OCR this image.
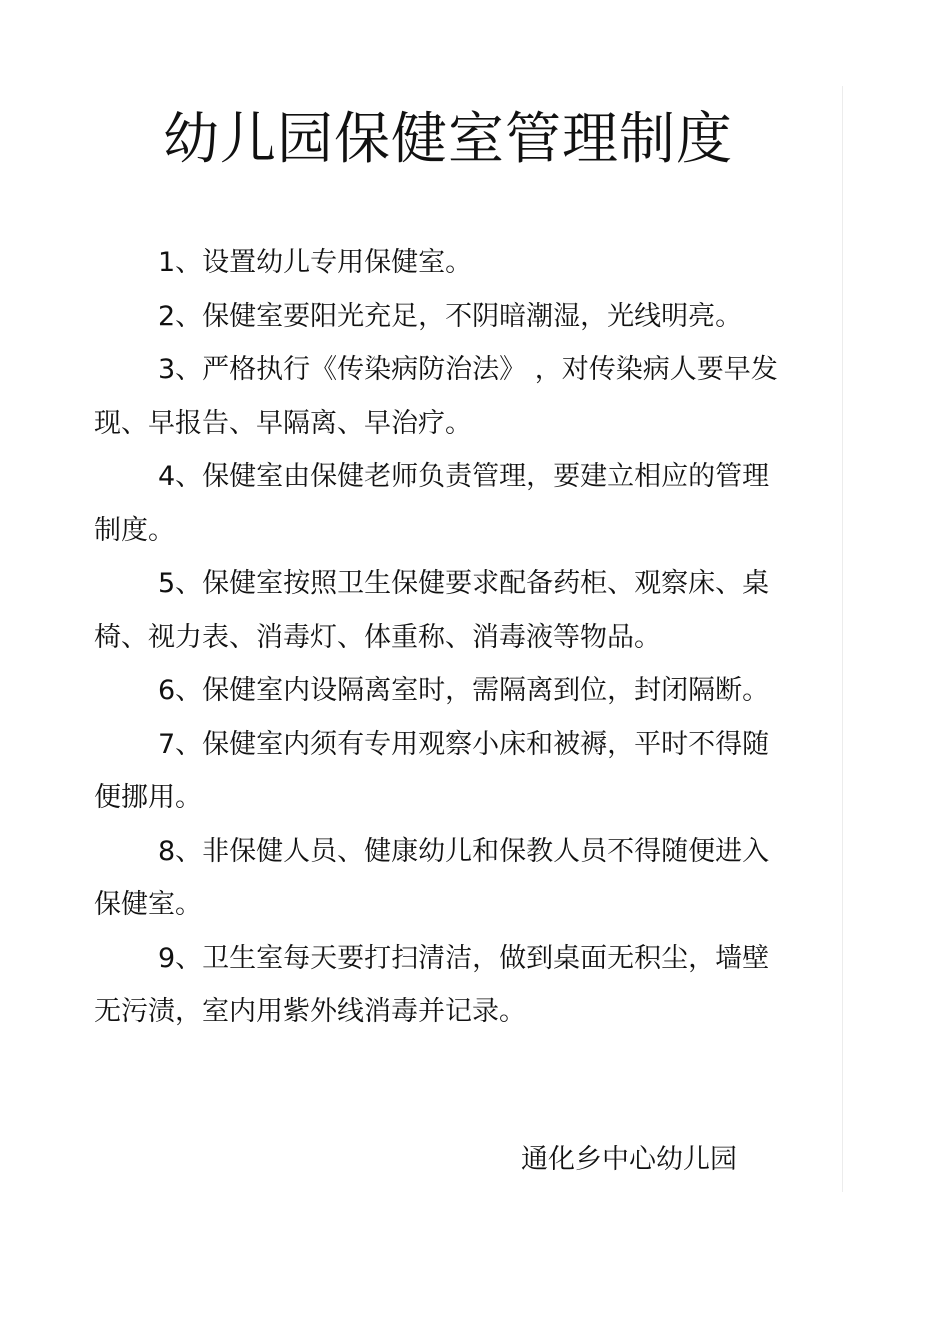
幼儿园保健室管理制度
1、设置幼儿专用保健室。
2、保健室要阳光充足，不阴暗潮湿，光线明亮。
3、严格执行《传染病防治法》 ，对传染病人要早发现、早报告、早隔离、早治疗。
4、保健室由保健老师负责管理，要建立相应的管理制度。
5、保健室按照卫生保健要求配备药柜、观察床、桌椅、视力表、消毒灯、体重称、消毒液等物品。
6、保健室内设隔离室时，需隔离到位，封闭隔断。
7、保健室内须有专用观察小床和被褥，平时不得随便挪用。
8、非保健人员、健康幼儿和保教人员不得随便进入保健室。
9、卫生室每天要打扫清洁，做到桌面无积尘，墙壁无污渍，室内用紫外线消毒并记录。
通化乡中心幼儿园
